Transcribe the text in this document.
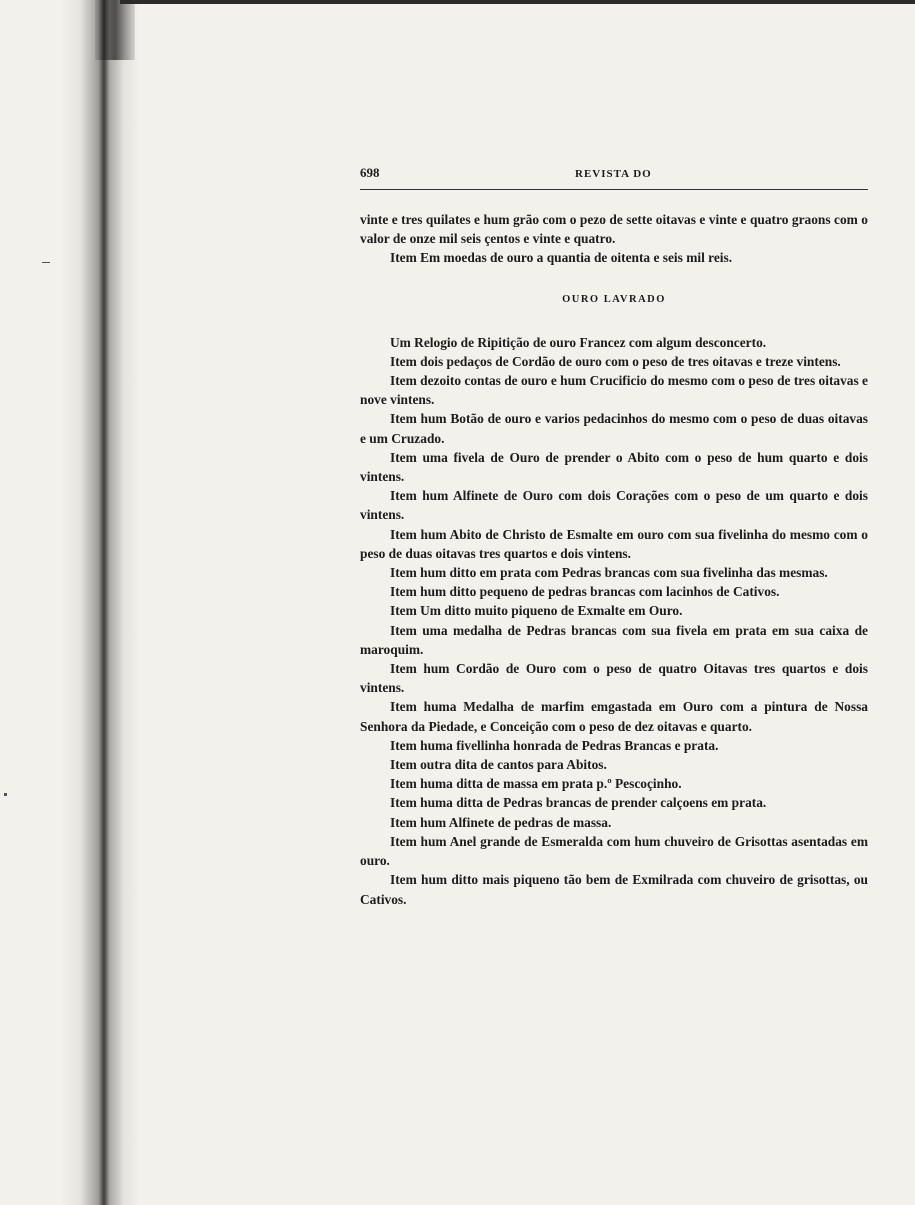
698	REVISTA DO

vinte e tres quilates e hum grão com o pezo de sette oitavas e vinte e quatro graons com o valor de onze mil seis çentos e vinte e quatro.

Item Em moedas de ouro a quantia de oitenta e seis mil reis.

OURO LAVRADO

Um Relogio de Ripitição de ouro Francez com algum desconcerto.

Item dois pedaços de Cordão de ouro com o peso de tres oitavas e treze vintens.

Item dezoito contas de ouro e hum Crucificio do mesmo com o peso de tres oitavas e nove vintens.

Item hum Botão de ouro e varios pedacinhos do mesmo com o peso de duas oitavas e um Cruzado.

Item uma fivela de Ouro de prender o Abito com o peso de hum quarto e dois vintens.

Item hum Alfinete de Ouro com dois Corações com o peso de um quarto e dois vintens.

Item hum Abito de Christo de Esmalte em ouro com sua fivelinha do mesmo com o peso de duas oitavas tres quartos e dois vintens.

Item hum ditto em prata com Pedras brancas com sua fivelinha das mesmas.

Item hum ditto pequeno de pedras brancas com lacinhos de Cativos.

Item Um ditto muito piqueno de Exmalte em Ouro.

Item uma medalha de Pedras brancas com sua fivela em prata em sua caixa de maroquim.

Item hum Cordão de Ouro com o peso de quatro Oitavas tres quartos e dois vintens.

Item huma Medalha de marfim emgastada em Ouro com a pintura de Nossa Senhora da Piedade, e Conceição com o peso de dez oitavas e quarto.

Item huma fivellinha honrada de Pedras Brancas e prata.

Item outra dita de cantos para Abitos.

Item huma ditta de massa em prata p.º Pescoçinho.

Item huma ditta de Pedras brancas de prender calçoens em prata.

Item hum Alfinete de pedras de massa.

Item hum Anel grande de Esmeralda com hum chuveiro de Grisottas asentadas em ouro.

Item hum ditto mais piqueno tão bem de Exmilrada com chuveiro de grisottas, ou Cativos.
